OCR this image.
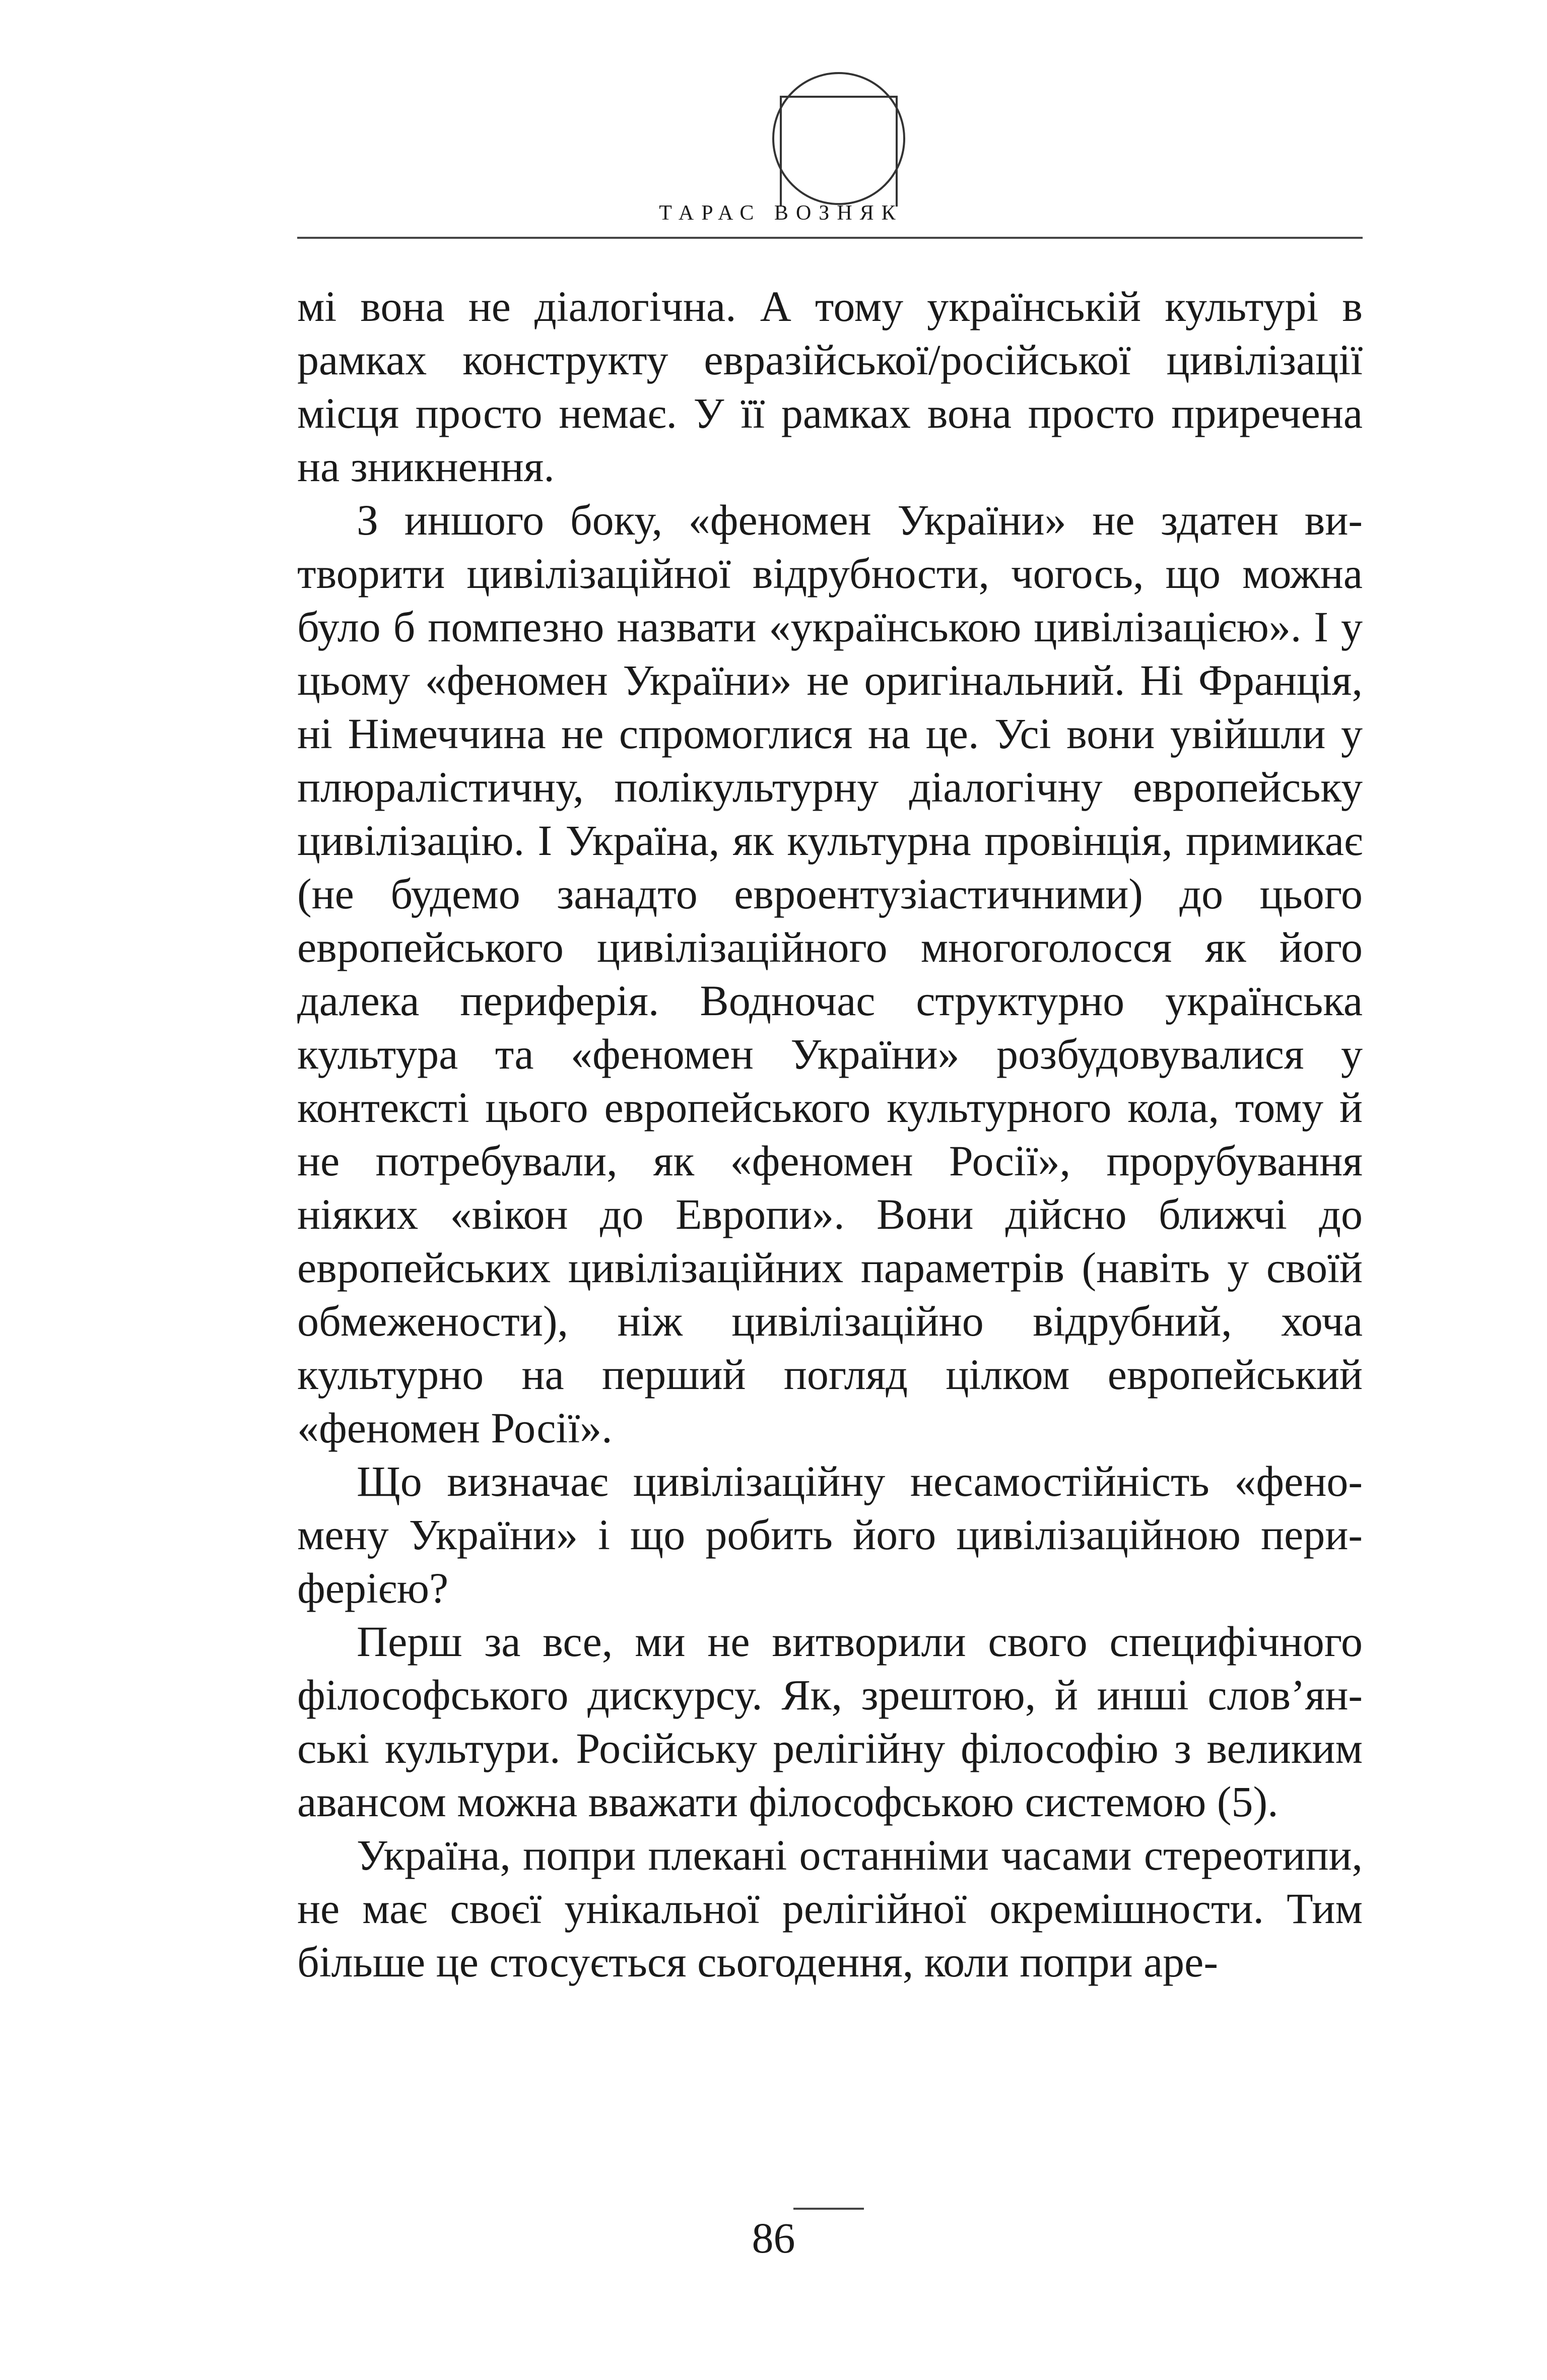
ТАРАС ВОЗНЯК

мі вона не діалогічна. А тому українській культурі в рамках конструкту евразійської/російської цивілізації місця просто немає. У її рамках вона просто приречена на зникнення.

З иншого боку, «феномен України» не здатен витворити цивілізаційної відрубности, чогось, що можна було б помпезно назвати «українською цивілізацією». І у цьому «феномен України» не оригінальний. Ні Франція, ні Німеччина не спромоглися на це. Усі вони увійшли у плюралістичну, полікультурну діалогічну европейську цивілізацію. І Україна, як культурна провінція, примикає (не будемо занадто евроентузіастичними) до цього европейського цивілізаційного многоголосся як його далека периферія. Водночас структурно українська культура та «феномен України» розбудовувалися у контексті цього европейського культурного кола, тому й не потребували, як «феномен Росії», прорубування ніяких «вікон до Европи». Вони дійсно ближчі до европейських цивілізаційних параметрів (навіть у своїй обмежености), ніж цивілізаційно відрубний, хоча культурно на перший погляд цілком европейський «феномен Росії».

Що визначає цивілізаційну несамостійність «феномену України» і що робить його цивілізаційною периферією?

Перш за все, ми не витворили свого специфічного філософського дискурсу. Як, зрештою, й инші слов’янські культури. Російську релігійну філософію з великим авансом можна вважати філософською системою (5).

Україна, попри плекані останніми часами стереотипи, не має своєї унікальної релігійної окремішности. Тим більше це стосується сьогодення, коли попри аре-

86
